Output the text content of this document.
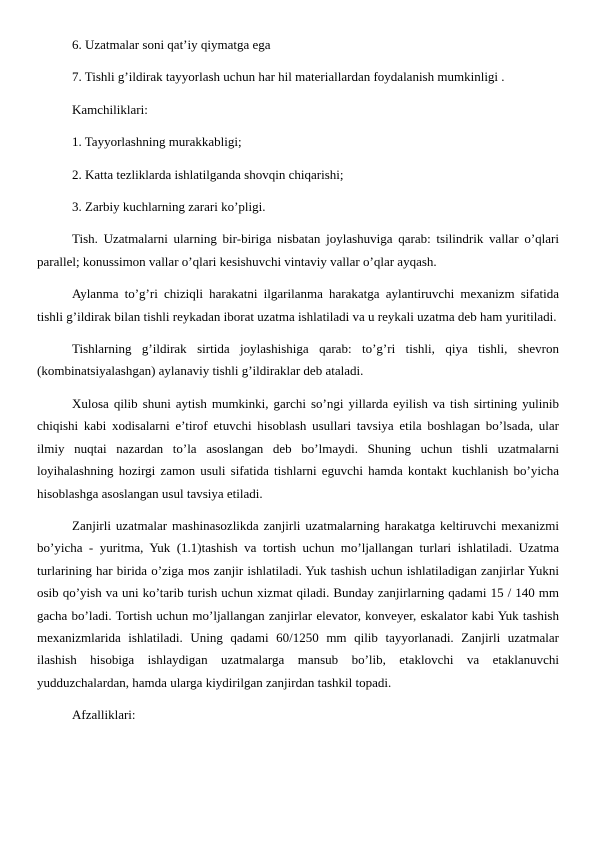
6. Uzatmalar soni qat’iy qiymatga ega

7. Tishli g’ildirak tayyorlash uchun har hil materiallardan foydalanish mumkinligi .

Kamchiliklari:

1. Tayyorlashning murakkabligi;

2. Katta tezliklarda ishlatilganda shovqin chiqarishi;

3. Zarbiy kuchlarning zarari ko’pligi.

Tish. Uzatmalarni ularning bir-biriga nisbatan joylashuviga qarab: tsilindrik vallar o’qlari parallel; konussimon vallar o’qlari kesishuvchi vintaviy vallar o’qlar ayqash.

Aylanma to’g’ri chiziqli harakatni ilgarilanma harakatga aylantiruvchi mexanizm sifatida tishli g’ildirak bilan tishli reykadan iborat uzatma ishlatiladi va u reykali uzatma deb ham yuritiladi.

Tishlarning g’ildirak sirtida joylashishiga qarab: to’g’ri tishli, qiya tishli, shevron (kombinatsiyalashgan) aylanaviy tishli g’ildiraklar deb ataladi.

Xulosa qilib shuni aytish mumkinki, garchi so’ngi yillarda eyilish va tish sirtining yulinib chiqishi kabi xodisalarni e’tirof etuvchi hisoblash usullari tavsiya etila boshlagan bo’lsada, ular ilmiy nuqtai nazardan to’la asoslangan deb bo’lmaydi. Shuning uchun tishli uzatmalarni loyihalashning hozirgi zamon usuli sifatida tishlarni eguvchi hamda kontakt kuchlanish bo’yicha hisoblashga asoslangan usul tavsiya etiladi.

Zanjirli uzatmalar mashinasozlikda zanjirli uzatmalarning harakatga keltiruvchi mexanizmi bo’yicha - yuritma, Yuk (1.1)tashish va tortish uchun mo’ljallangan turlari ishlatiladi. Uzatma turlarining har birida o’ziga mos zanjir ishlatiladi. Yuk tashish uchun ishlatiladigan zanjirlar Yukni osib qo’yish va uni ko’tarib turish uchun xizmat qiladi. Bunday zanjirlarning qadami 15 / 140 mm gacha bo’ladi. Tortish uchun mo’ljallangan zanjirlar elevator, konveyer, eskalator kabi Yuk tashish mexanizmlarida ishlatiladi. Uning qadami 60/1250 mm qilib tayyorlanadi. Zanjirli uzatmalar ilashish hisobiga ishlaydigan uzatmalarga mansub bo’lib, etaklovchi va etaklanuvchi yudduzchalardan, hamda ularga kiydirilgan zanjirdan tashkil topadi.

Afzalliklari:
